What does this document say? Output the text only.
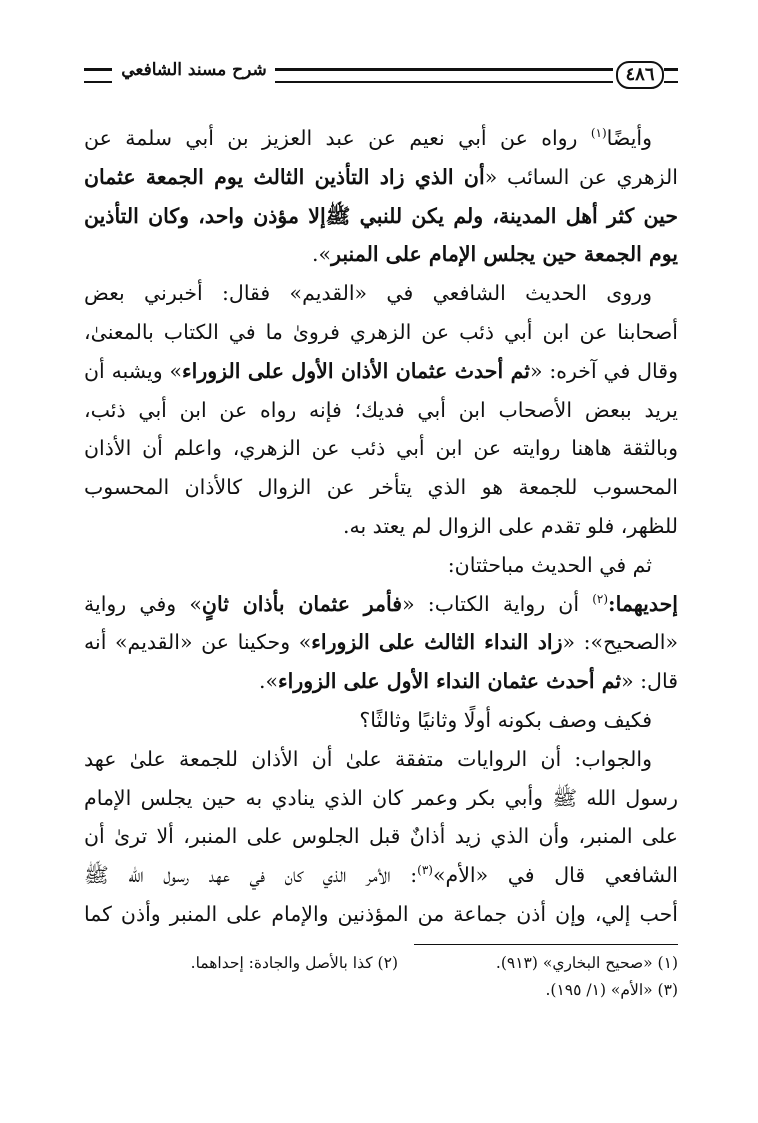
شرح مسند الشافعي	٤٨٦
وأيضًا$^{(١)}$ رواه عن أبي نعيم عن عبد العزيز بن أبي سلمة عن
الزهري عن السائب «أن الذي زاد التأذين الثالث يوم الجمعة عثمان
حين كثر أهل المدينة، ولم يكن للنبي ﷺإلا مؤذن واحد، وكان التأذين
يوم الجمعة حين يجلس الإمام على المنبر».
وروى الحديث الشافعي في «القديم» فقال: أخبرني بعض
أصحابنا عن ابن أبي ذئب عن الزهري فرویٰ ما في الكتاب بالمعنیٰ،
وقال في آخره: «ثم أحدث عثمان الأذان الأول على الزوراء» ويشبه أن
يريد ببعض الأصحاب ابن أبي فديك؛ فإنه رواه عن ابن أبي ذئب،
وبالثقة هاهنا روايته عن ابن أبي ذئب عن الزهري، واعلم أن الأذان
المحسوب للجمعة هو الذي يتأخر عن الزوال كالأذان المحسوب
للظهر، فلو تقدم على الزوال لم يعتد به.
ثم في الحديث مباحثتان:
إحديهما:$^{(٢)}$ أن رواية الكتاب: «فأمر عثمان بأذان ثانٍ» وفي رواية
«الصحيح»: «زاد النداء الثالث على الزوراء» وحكينا عن «القديم» أنه
قال: «ثم أحدث عثمان النداء الأول على الزوراء».
فكيف وصف بكونه أولًا وثانيًا وثالثًا؟
والجواب: أن الروايات متفقة علىٰ أن الأذان للجمعة علىٰ عهد
رسول الله ﷺ وأبي بكر وعمر كان الذي ينادي به حين يجلس الإمام
على المنبر، وأن الذي زيد أذانٌ قبل الجلوس على المنبر، ألا ترىٰ أن
الشافعي قال في «الأم»$^{(٣)}$: الأمر الذي كان في عهد رسول الله ﷺ
أحب إلي، وإن أذن جماعة من المؤذنين والإمام على المنبر وأذن كما
(١) «صحيح البخاري» (٩١٣).
(٢) كذا بالأصل والجادة: إحداهما.
(٣) «الأم» (١/ ١٩٥).
